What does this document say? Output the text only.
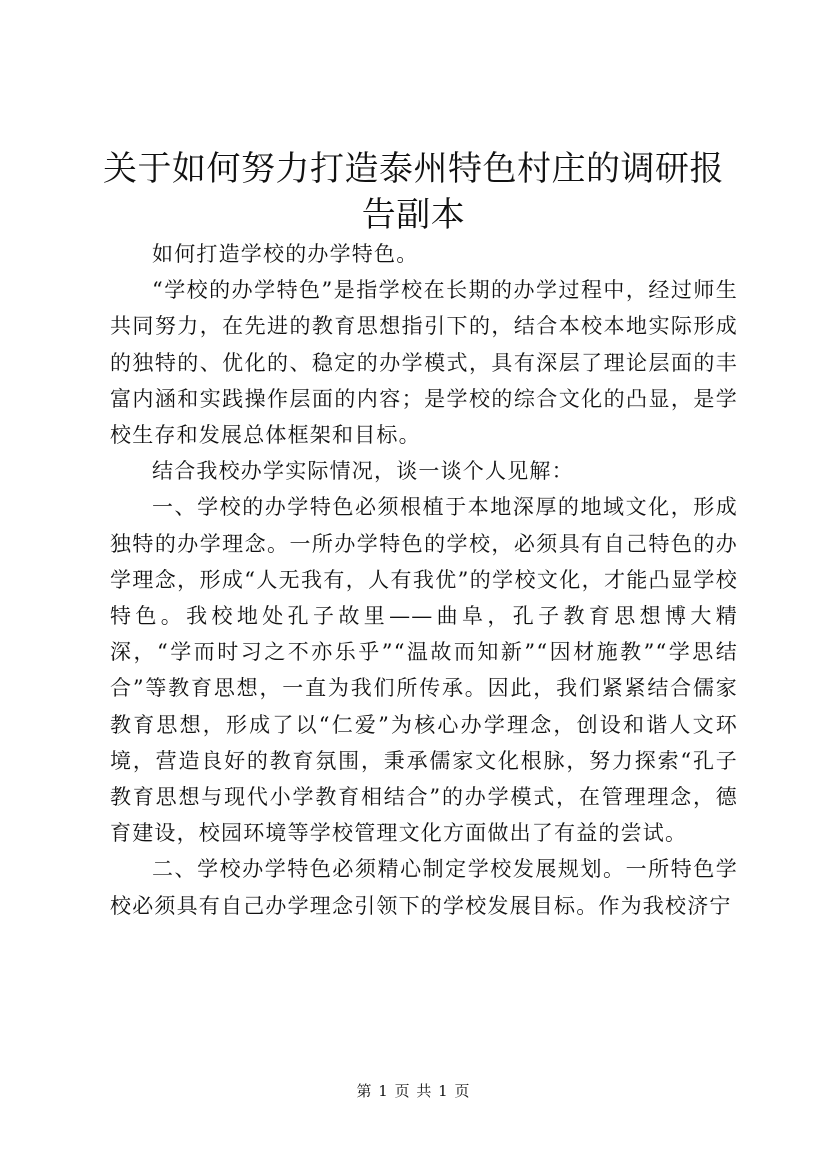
关于如何努力打造泰州特色村庄的调研报告副本

如何打造学校的办学特色。

“学校的办学特色”是指学校在长期的办学过程中，经过师生共同努力，在先进的教育思想指引下的，结合本校本地实际形成的独特的、优化的、稳定的办学模式，具有深层了理论层面的丰富内涵和实践操作层面的内容；是学校的综合文化的凸显，是学校生存和发展总体框架和目标。

结合我校办学实际情况，谈一谈个人见解：

一、学校的办学特色必须根植于本地深厚的地域文化，形成独特的办学理念。一所办学特色的学校，必须具有自己特色的办学理念，形成“人无我有，人有我优”的学校文化，才能凸显学校特色。我校地处孔子故里——曲阜，孔子教育思想博大精深，“学而时习之不亦乐乎”“温故而知新”“因材施教”“学思结合”等教育思想，一直为我们所传承。因此，我们紧紧结合儒家教育思想，形成了以“仁爱”为核心办学理念，创设和谐人文环境，营造良好的教育氛围，秉承儒家文化根脉，努力探索“孔子教育思想与现代小学教育相结合”的办学模式，在管理理念，德育建设，校园环境等学校管理文化方面做出了有益的尝试。

二、学校办学特色必须精心制定学校发展规划。一所特色学校必须具有自己办学理念引领下的学校发展目标。作为我校济宁

第 1 页 共 1 页
